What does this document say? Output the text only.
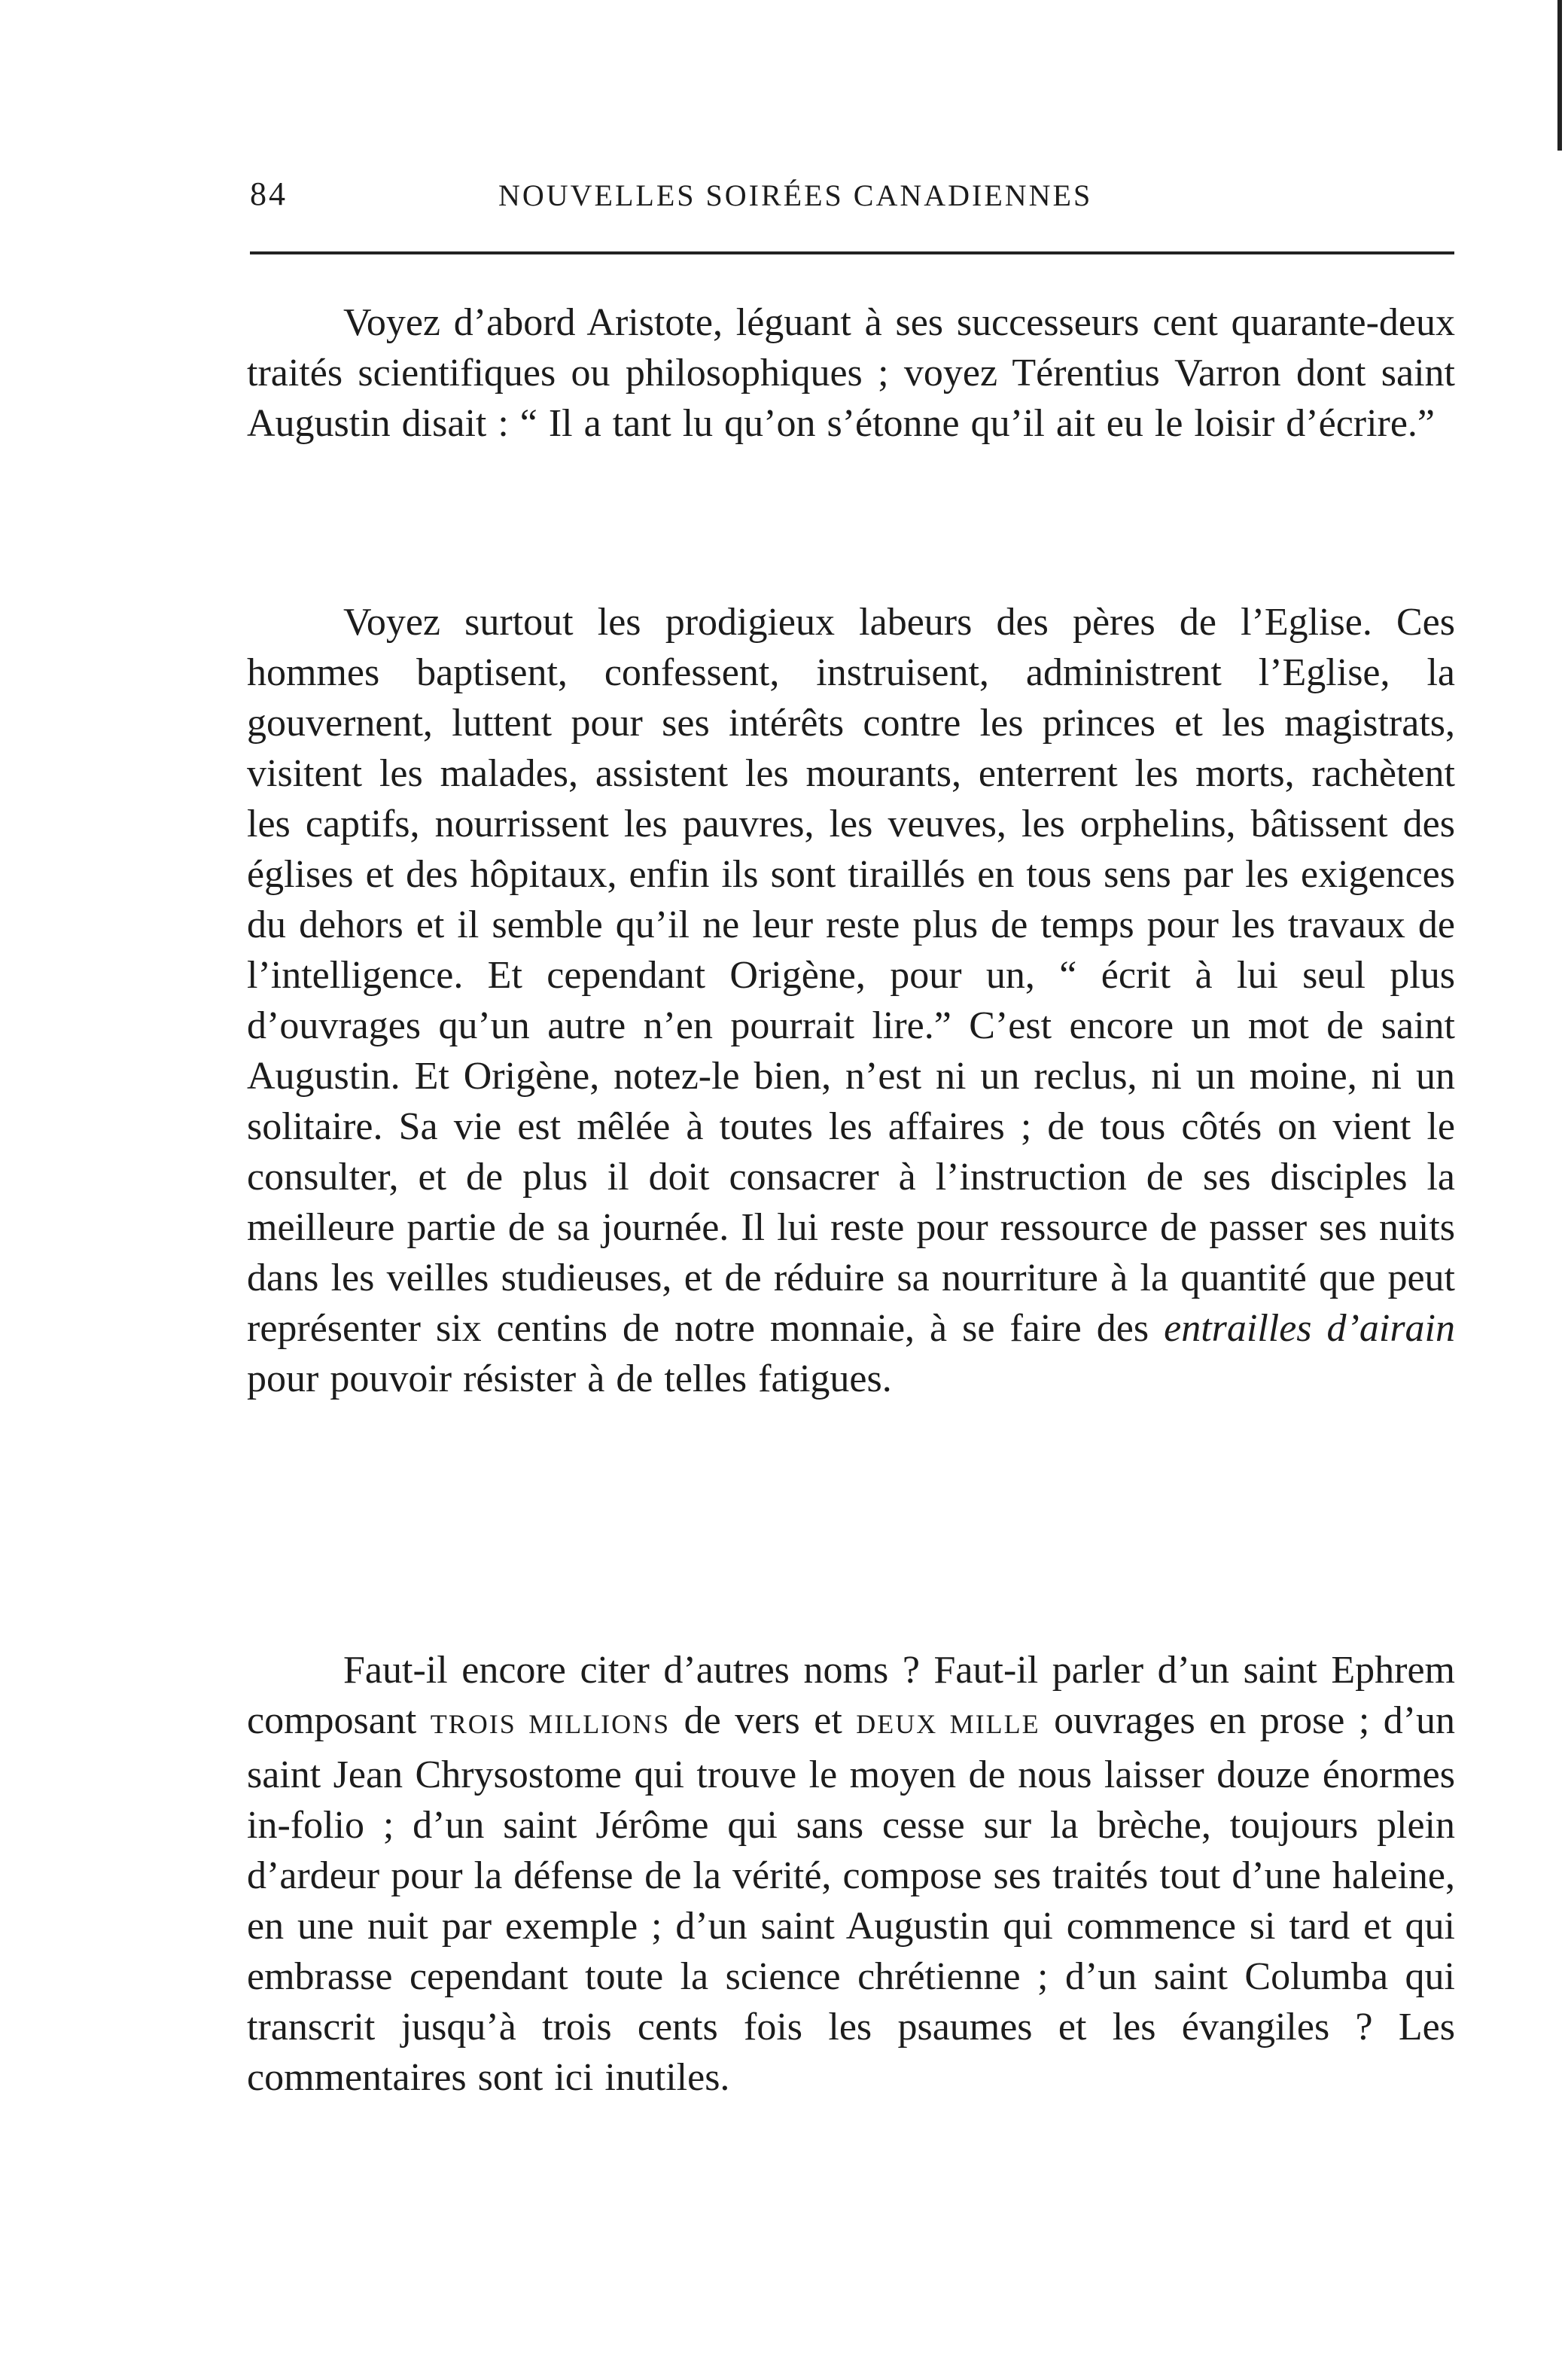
84	NOUVELLES SOIRÉES CANADIENNES

Voyez d’abord Aristote, léguant à ses successeurs cent quarante-deux traités scientifiques ou philosophiques ; voyez Térentius Varron dont saint Augustin disait : “ Il a tant lu qu’on s’étonne qu’il ait eu le loisir d’écrire.”

Voyez surtout les prodigieux labeurs des pères de l’Eglise. Ces hommes baptisent, confessent, instruisent, administrent l’Eglise, la gouvernent, luttent pour ses intérêts contre les princes et les magistrats, visitent les malades, assistent les mourants, enterrent les morts, rachètent les captifs, nourrissent les pauvres, les veuves, les orphelins, bâtissent des églises et des hôpitaux, enfin ils sont tiraillés en tous sens par les exigences du dehors et il semble qu’il ne leur reste plus de temps pour les travaux de l’intelligence. Et cependant Origène, pour un, “ écrit à lui seul plus d’ouvrages qu’un autre n’en pourrait lire.” C’est encore un mot de saint Augustin. Et Origène, notez-le bien, n’est ni un reclus, ni un moine, ni un solitaire. Sa vie est mêlée à toutes les affaires ; de tous côtés on vient le consulter, et de plus il doit consacrer à l’instruction de ses disciples la meilleure partie de sa journée. Il lui reste pour ressource de passer ses nuits dans les veilles studieuses, et de réduire sa nourriture à la quantité que peut représenter six centins de notre monnaie, à se faire des entrailles d’airain pour pouvoir résister à de telles fatigues.

Faut-il encore citer d’autres noms ? Faut-il parler d’un saint Ephrem composant TROIS MILLIONS de vers et DEUX MILLE ouvrages en prose ; d’un saint Jean Chrysostome qui trouve le moyen de nous laisser douze énormes in-folio ; d’un saint Jérôme qui sans cesse sur la brèche, toujours plein d’ardeur pour la défense de la vérité, compose ses traités tout d’une haleine, en une nuit par exemple ; d’un saint Augustin qui commence si tard et qui embrasse cependant toute la science chrétienne ; d’un saint Columba qui transcrit jusqu’à trois cents fois les psaumes et les évangiles ? Les commentaires sont ici inutiles.
